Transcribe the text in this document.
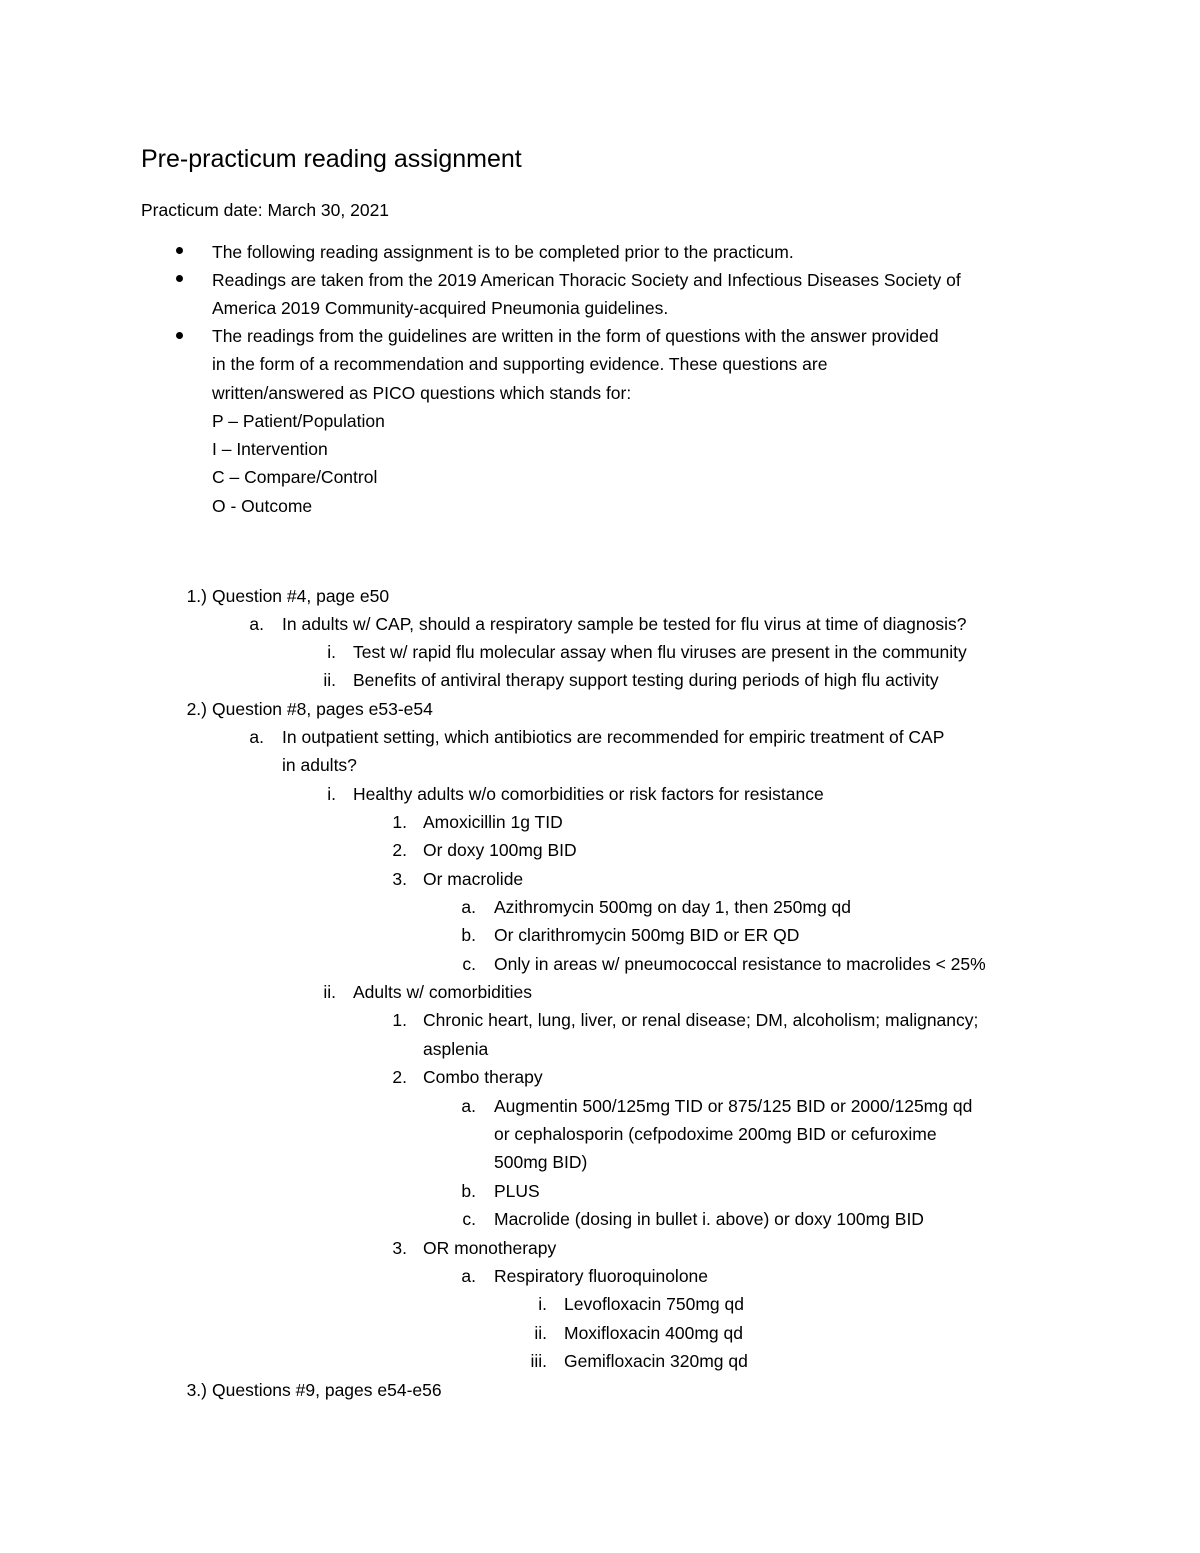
Pre-practicum reading assignment
Practicum date: March 30, 2021
The following reading assignment is to be completed prior to the practicum.
Readings are taken from the 2019 American Thoracic Society and Infectious Diseases Society of
America 2019 Community-acquired Pneumonia guidelines.
The readings from the guidelines are written in the form of questions with the answer provided
in the form of a recommendation and supporting evidence. These questions are
written/answered as PICO questions which stands for:
P – Patient/Population
I – Intervention
C – Compare/Control
O - Outcome
1.) Question #4, page e50
a. In adults w/ CAP, should a respiratory sample be tested for flu virus at time of diagnosis?
i. Test w/ rapid flu molecular assay when flu viruses are present in the community
ii. Benefits of antiviral therapy support testing during periods of high flu activity
2.) Question #8, pages e53-e54
a. In outpatient setting, which antibiotics are recommended for empiric treatment of CAP
in adults?
i. Healthy adults w/o comorbidities or risk factors for resistance
1. Amoxicillin 1g TID
2. Or doxy 100mg BID
3. Or macrolide
a. Azithromycin 500mg on day 1, then 250mg qd
b. Or clarithromycin 500mg BID or ER QD
c. Only in areas w/ pneumococcal resistance to macrolides < 25%
ii. Adults w/ comorbidities
1. Chronic heart, lung, liver, or renal disease; DM, alcoholism; malignancy;
asplenia
2. Combo therapy
a. Augmentin 500/125mg TID or 875/125 BID or 2000/125mg qd
or cephalosporin (cefpodoxime 200mg BID or cefuroxime
500mg BID)
b. PLUS
c. Macrolide (dosing in bullet i. above) or doxy 100mg BID
3. OR monotherapy
a. Respiratory fluoroquinolone
i. Levofloxacin 750mg qd
ii. Moxifloxacin 400mg qd
iii. Gemifloxacin 320mg qd
3.) Questions #9, pages e54-e56
